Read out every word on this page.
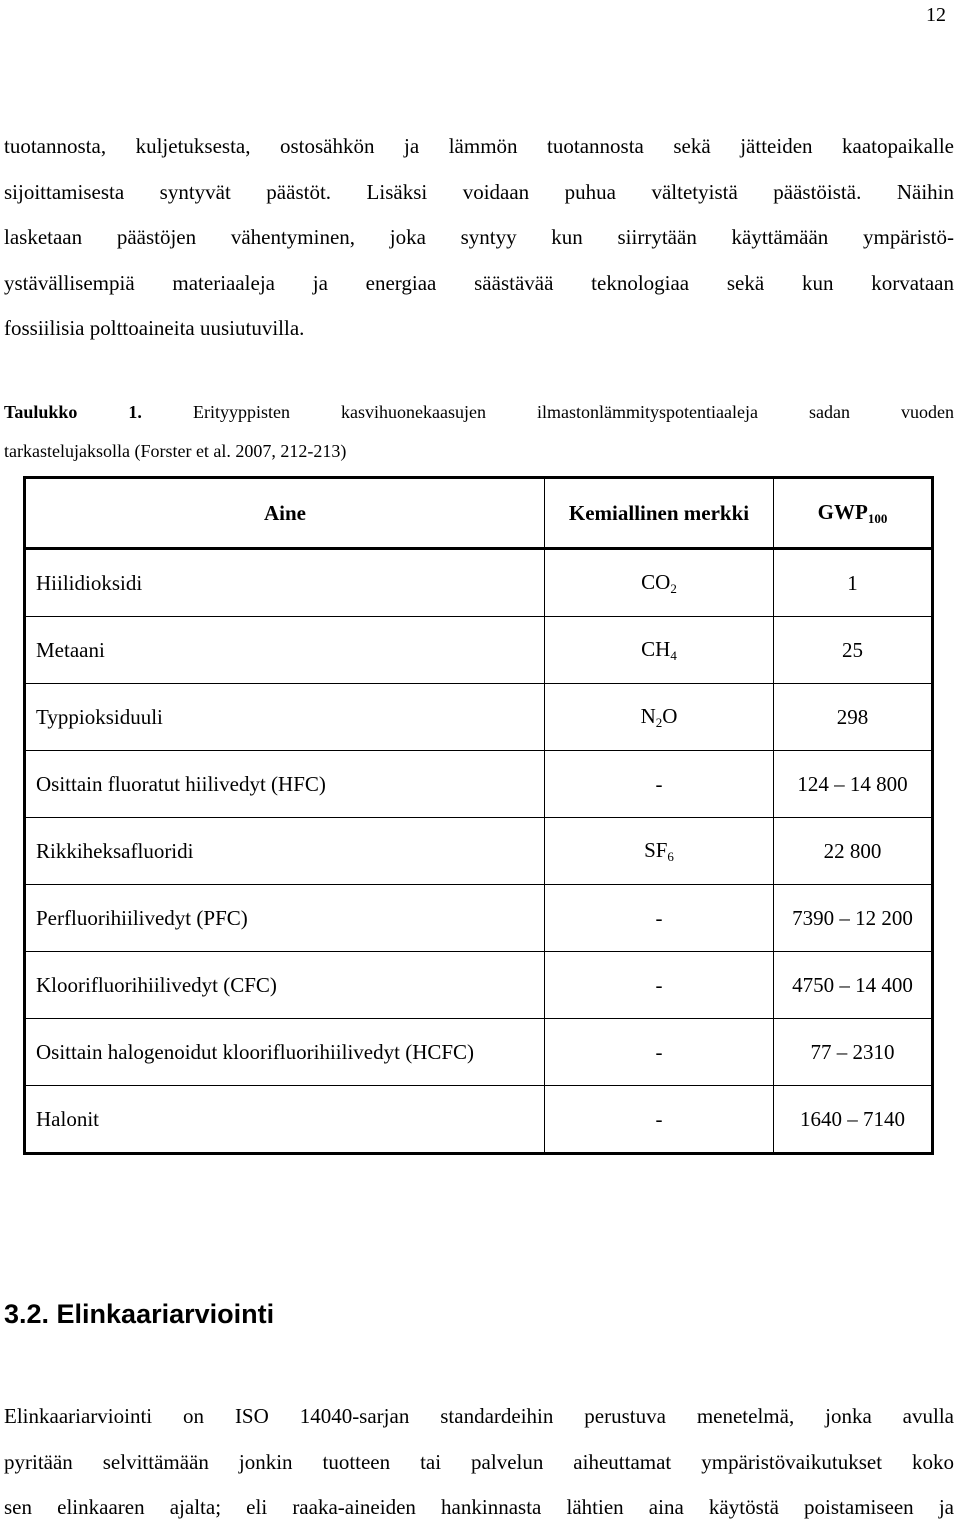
12
tuotannosta, kuljetuksesta, ostosähkön ja lämmön tuotannosta sekä jätteiden kaatopaikalle
sijoittamisesta syntyvät päästöt. Lisäksi voidaan puhua vältetyistä päästöistä. Näihin
lasketaan päästöjen vähentyminen, joka syntyy kun siirrytään käyttämään ympäristö-
ystävällisempiä materiaaleja ja energiaa säästävää teknologiaa sekä kun korvataan
fossiilisia polttoaineita uusiutuvilla.
Taulukko 1.	Erityyppisten kasvihuonekaasujen ilmastonlämmityspotentiaaleja sadan vuoden
tarkastelujaksolla (Forster et al. 2007, 212-213)
Aine	Kemiallinen merkki	$GWP_{100}$
Hiilidioksidi	$CO_2$	1
Metaani	$CH_4$	25
Typpioksiduuli	$N_2O$	298
Osittain fluoratut hiilivedyt (HFC)	-	124 – 14 800
Rikkiheksafluoridi	$SF_6$	22 800
Perfluorihiilivedyt (PFC)	-	7390 – 12 200
Kloorifluorihiilivedyt (CFC)	-	4750 – 14 400
Osittain halogenoidut kloorifluorihiilivedyt (HCFC)	-	77 – 2310
Halonit	-	1640 – 7140
3.2. Elinkaariarviointi
Elinkaariarviointi on ISO 14040-sarjan standardeihin perustuva menetelmä, jonka avulla
pyritään selvittämään jonkin tuotteen tai palvelun aiheuttamat ympäristövaikutukset koko
sen elinkaaren ajalta; eli raaka-aineiden hankinnasta lähtien aina käytöstä poistamiseen ja
